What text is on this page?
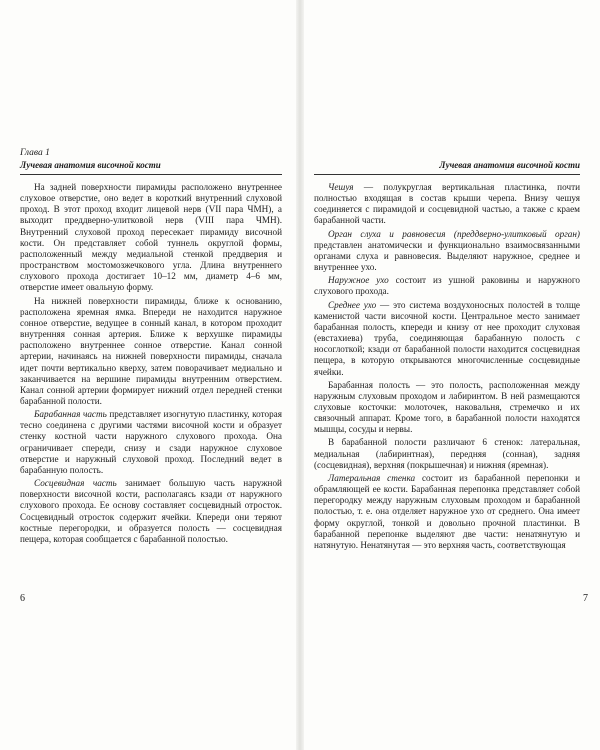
Глава 1
Лучевая анатомия височной кости

На задней поверхности пирамиды расположено внутреннее слуховое отверстие, оно ведет в короткий внутренний слуховой проход. В этот проход входит лицевой нерв (VII пара ЧМН), а выходит преддверно-улитковой нерв (VIII пара ЧМН). Внутренний слуховой проход пересекает пирамиду височной кости. Он представляет собой туннель округлой формы, расположенный между медиальной стенкой преддверия и пространством мостомозжечкового угла. Длина внутреннего слухового прохода достигает 10–12 мм, диаметр 4–6 мм, отверстие имеет овальную форму.

На нижней поверхности пирамиды, ближе к основанию, расположена яремная ямка. Впереди не находится наружное сонное отверстие, ведущее в сонный канал, в котором проходит внутренняя сонная артерия. Ближе к верхушке пирамиды расположено внутреннее сонное отверстие. Канал сонной артерии, начинаясь на нижней поверхности пирамиды, сначала идет почти вертикально кверху, затем поворачивает медиально и заканчивается на вершине пирамиды внутренним отверстием. Канал сонной артерии формирует нижний отдел передней стенки барабанной полости.

Барабанная часть представляет изогнутую пластинку, которая тесно соединена с другими частями височной кости и образует стенку костной части наружного слухового прохода. Она ограничивает спереди, снизу и сзади наружное слуховое отверстие и наружный слуховой проход. Последний ведет в барабанную полость.

Сосцевидная часть занимает большую часть наружной поверхности височной кости, располагаясь кзади от наружного слухового прохода. Ее основу составляет сосцевидный отросток. Сосцевидный отросток содержит ячейки. Кпереди они теряют костные перегородки, и образуется полость — сосцевидная пещера, которая сообщается с барабанной полостью.

6
Лучевая анатомия височной кости

Чешуя — полукруглая вертикальная пластинка, почти полностью входящая в состав крыши черепа. Внизу чешуя соединяется с пирамидой и сосцевидной частью, а также с краем барабанной части.

Орган слуха и равновесия (преддверно-улитковый орган) представлен анатомически и функционально взаимосвязанными органами слуха и равновесия. Выделяют наружное, среднее и внутреннее ухо.

Наружное ухо состоит из ушной раковины и наружного слухового прохода.

Среднее ухо — это система воздухоносных полостей в толще каменистой части височной кости. Центральное место занимает барабанная полость, кпереди и книзу от нее проходит слуховая (евстахиева) труба, соединяющая барабанную полость с носоглоткой; кзади от барабанной полости находится сосцевидная пещера, в которую открываются многочисленные сосцевидные ячейки.

Барабанная полость — это полость, расположенная между наружным слуховым проходом и лабиринтом. В ней размещаются слуховые косточки: молоточек, наковальня, стремечко и их связочный аппарат. Кроме того, в барабанной полости находятся мышцы, сосуды и нервы.

В барабанной полости различают 6 стенок: латеральная, медиальная (лабиринтная), передняя (сонная), задняя (сосцевидная), верхняя (покрышечная) и нижняя (яремная).

Латеральная стенка состоит из барабанной перепонки и обрамляющей ее кости. Барабанная перепонка представляет собой перегородку между наружным слуховым проходом и барабанной полостью, т. е. она отделяет наружное ухо от среднего. Она имеет форму округлой, тонкой и довольно прочной пластинки. В барабанной перепонке выделяют две части: ненатянутую и натянутую. Ненатянутая — это верхняя часть, соответствующая

7
